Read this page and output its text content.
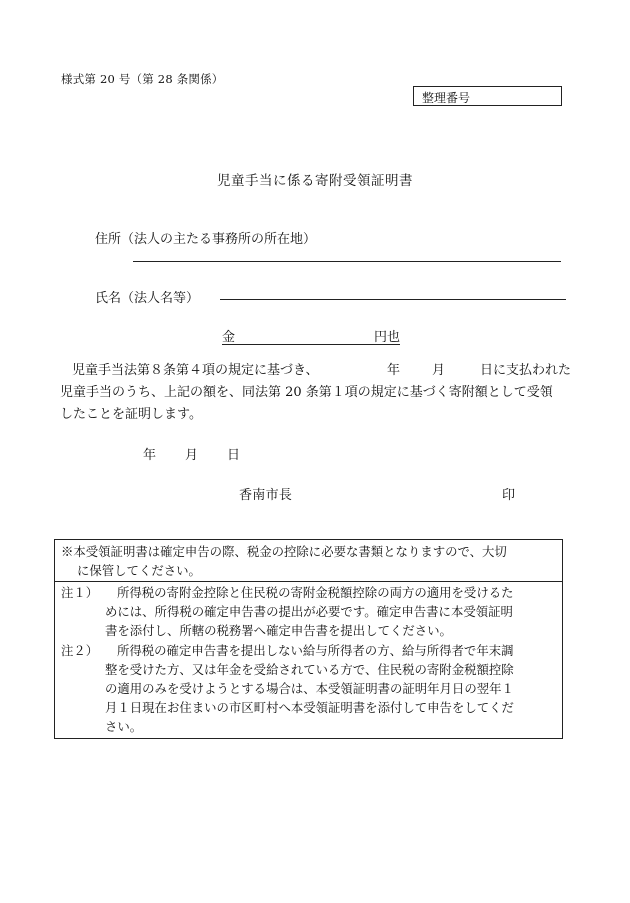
様式第 20 号（第 28 条関係）
整理番号
児童手当に係る寄附受領証明書
住所（法人の主たる事務所の所在地）
氏名（法人名等）
金	円也
児童手当法第８条第４項の規定に基づき、	年 月	日に支払われた
児童手当のうち、上記の額を、同法第 20 条第１項の規定に基づく寄附額として受領
したことを証明します。
年 月 日
香南市長	印
※本受領証明書は確定申告の際、税金の控除に必要な書類となりますので、大切
に保管してください。
注１） 所得税の寄附金控除と住民税の寄附金税額控除の両方の適用を受けるた
めには、所得税の確定申告書の提出が必要です。確定申告書に本受領証明
書を添付し、所轄の税務署へ確定申告書を提出してください。
注２） 所得税の確定申告書を提出しない給与所得者の方、給与所得者で年末調
整を受けた方、又は年金を受給されている方で、住民税の寄附金税額控除
の適用のみを受けようとする場合は、本受領証明書の証明年月日の翌年１
月１日現在お住まいの市区町村へ本受領証明書を添付して申告をしてくだ
さい。
